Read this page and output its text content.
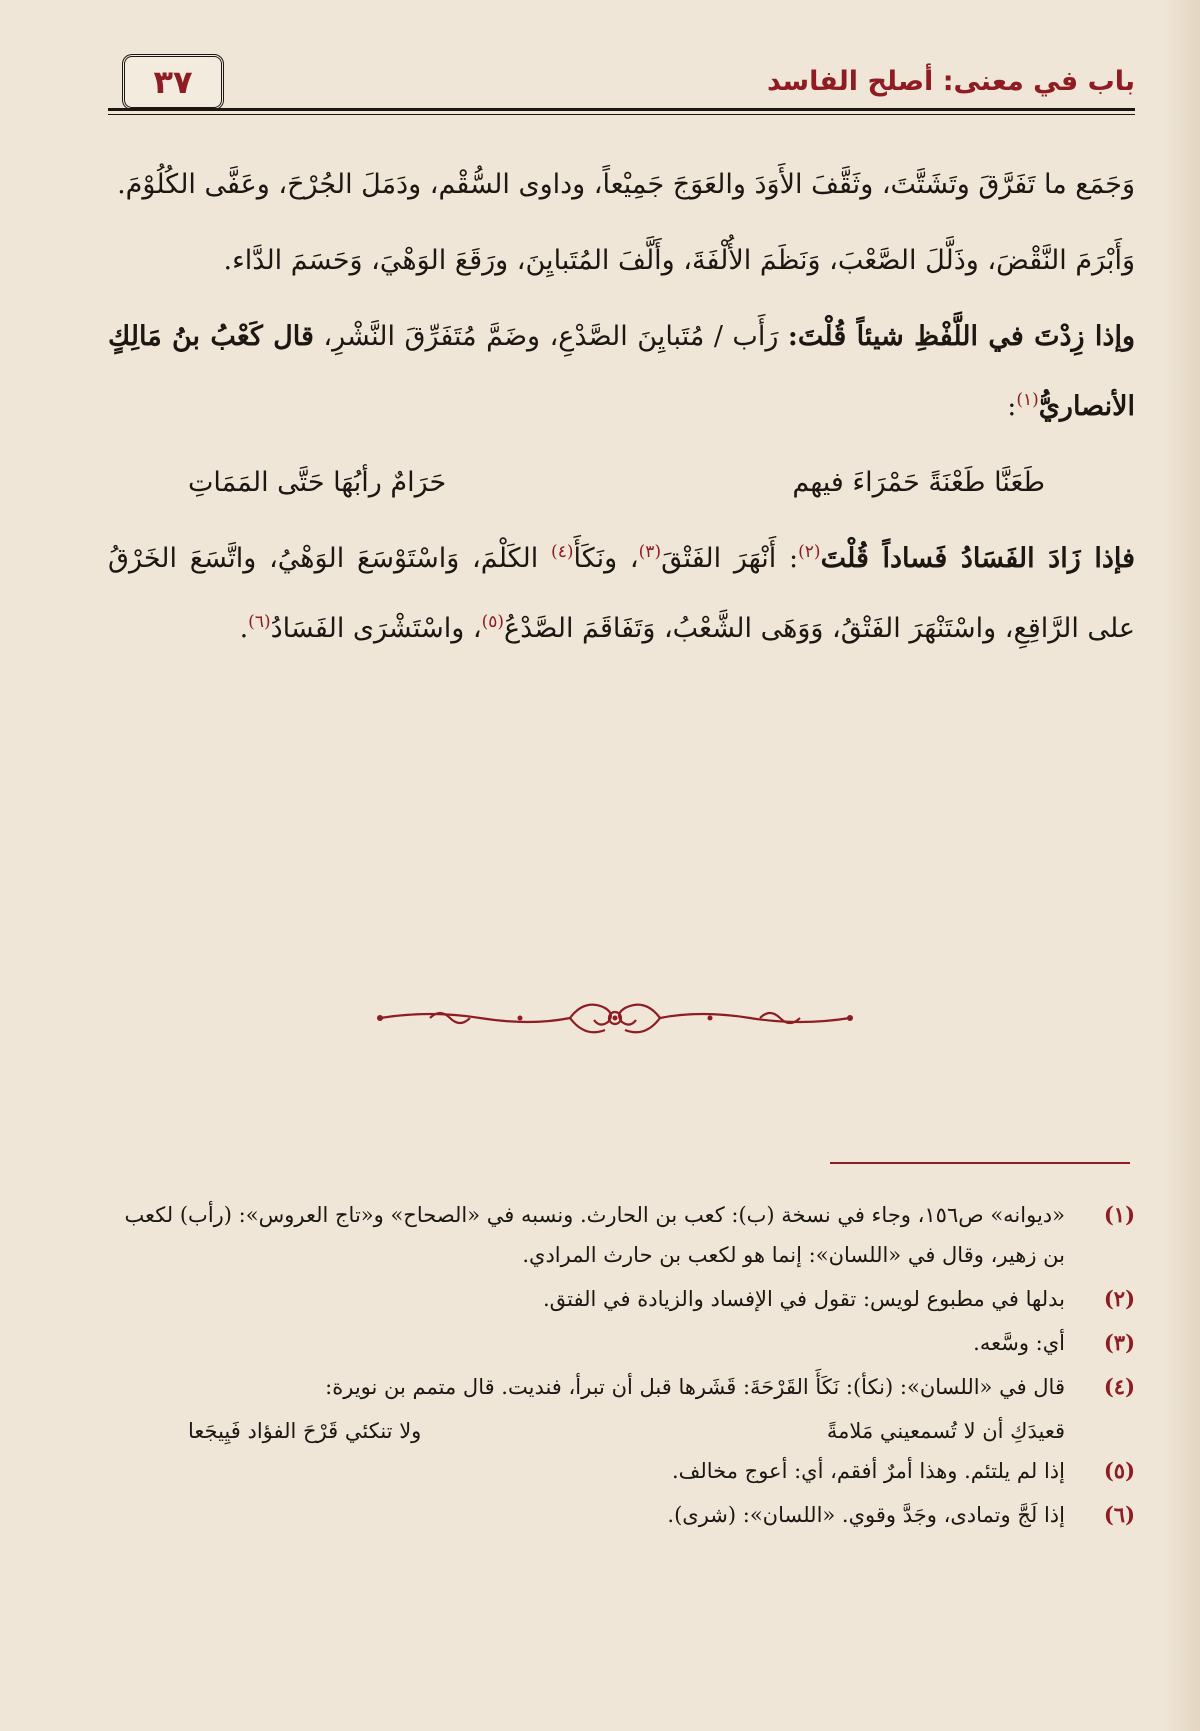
باب في معنى: أصلح الفاسد
٣٧

وَجَمَع ما تَفَرَّقَ وتَشَتَّتَ، وثَقَّفَ الأَوَدَ والعَوَجَ جَمِيْعاً، وداوى السُّقْم، ودَمَلَ الجُرْحَ، وعَفَّى الكُلُوْمَ.

وَأَبْرَمَ النَّقْضَ، وذَلَّلَ الصَّعْبَ، وَنَظَمَ الأُلْفَةَ، وأَلَّفَ المُتَبايِنَ، ورَقَعَ الوَهْيَ، وَحَسَمَ الدَّاء.

وإذا زِدْتَ في اللَّفْظِ شيئاً قُلْتَ: رَأَب / مُتَبايِنَ الصَّدْعِ، وضَمَّ مُتَفَرِّقَ النَّشْرِ، قال كَعْبُ بنُ مَالِكٍ الأنصاريُّ$^{(١)}$:

طَعَنَّا طَعْنَةً حَمْرَاءَ فيهم
حَرَامٌ رأبُهَا حَتَّى المَمَاتِ

فإذا زَادَ الفَسَادُ فَساداً قُلْتَ$^{(٢)}$: أَنْهَرَ الفَتْقَ$^{(٣)}$، ونَكَأَ$^{(٤)}$ الكَلْمَ، وَاسْتَوْسَعَ الوَهْيُ، واتَّسَعَ الخَرْقُ على الرَّاقِعِ، واسْتَنْهَرَ الفَتْقُ، وَوَهَى الشَّعْبُ، وَتَفَاقَمَ الصَّدْعُ$^{(٥)}$، واسْتَشْرَى الفَسَادُ$^{(٦)}$.

(١)
«ديوانه» ص١٥٦، وجاء في نسخة (ب): كعب بن الحارث. ونسبه في «الصحاح» و«تاج العروس»: (رأب) لكعب بن زهير، وقال في «اللسان»: إنما هو لكعب بن حارث المرادي.
(٢)
بدلها في مطبوع لويس: تقول في الإفساد والزيادة في الفتق.
(٣)
أي: وسَّعه.
(٤)
قال في «اللسان»: (نكأ): نَكَأَ القَرْحَةَ: قَشَرها قبل أن تبرأ، فنديت. قال متمم بن نويرة:
قعيدَكِ أن لا تُسمعيني مَلامةً
ولا تنكئي قَرْحَ الفؤاد فَيِيجَعا
(٥)
إذا لم يلتئم. وهذا أمرٌ أفقم، أي: أعوج مخالف.
(٦)
إذا لَجَّ وتمادى، وجَدَّ وقوي. «اللسان»: (شرى).
